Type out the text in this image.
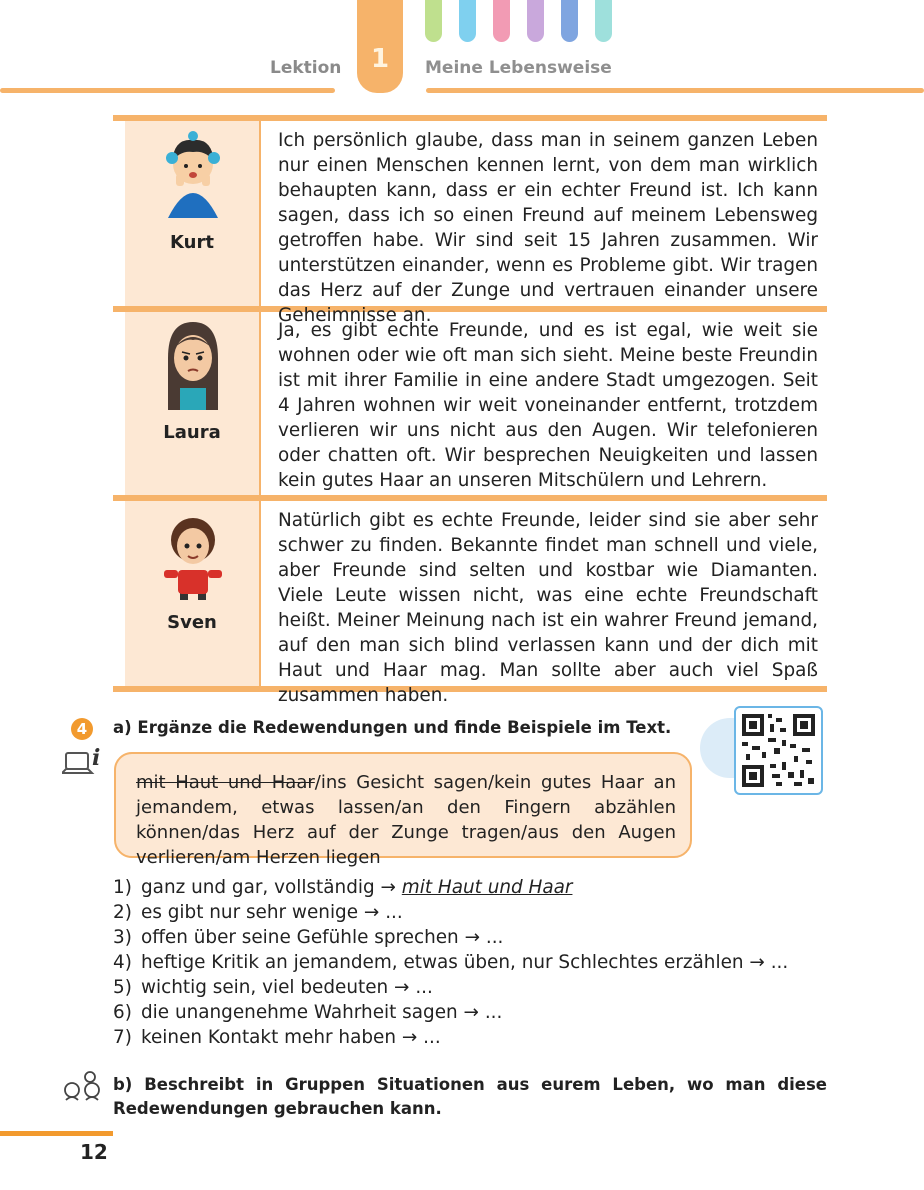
1
Lektion	Meine Lebensweise
Kurt
Laura
Sven
Ich persönlich glaube, dass man in seinem ganzen Leben nur einen Menschen kennen lernt, von dem man wirklich behaupten kann, dass er ein echter Freund ist. Ich kann sagen, dass ich so einen Freund auf meinem Lebensweg getroffen habe. Wir sind seit 15 Jahren zusammen. Wir unterstützen einander, wenn es Probleme gibt. Wir tragen das Herz auf der Zunge und vertrauen einander unsere Geheimnisse an.
Ja, es gibt echte Freunde, und es ist egal, wie weit sie wohnen oder wie oft man sich sieht. Meine beste Freundin ist mit ihrer Familie in eine andere Stadt umgezogen. Seit 4 Jahren wohnen wir weit voneinander entfernt, trotzdem verlieren wir uns nicht aus den Augen. Wir telefonieren oder chatten oft. Wir besprechen Neuigkeiten und lassen kein gutes Haar an unseren Mitschülern und Lehrern.
Natürlich gibt es echte Freunde, leider sind sie aber sehr schwer zu finden. Bekannte findet man schnell und viele, aber Freunde sind selten und kostbar wie Diamanten. Viele Leute wissen nicht, was eine echte Freundschaft heißt. Meiner Meinung nach ist ein wahrer Freund jemand, auf den man sich blind verlassen kann und der dich mit Haut und Haar mag. Man sollte aber auch viel Spaß zusammen haben.
4
i
a) Ergänze die Redewendungen und finde Beispiele im Text.
mit Haut und Haar/ins Gesicht sagen/kein gutes Haar an jemandem, etwas lassen/an den Fingern abzählen können/das Herz auf der Zunge tragen/aus den Augen verlieren/am Herzen liegen
1) ganz und gar, vollständig
→
mit Haut und Haar
2) es gibt nur sehr wenige
→
...
3) offen über seine Gefühle sprechen
→
...
4) heftige Kritik an jemandem, etwas üben, nur Schlechtes erzählen
→
...
5) wichtig sein, viel bedeuten
→
...
6) die unangenehme Wahrheit sagen
→
...
7) keinen Kontakt mehr haben
→
...
b) Beschreibt in Gruppen Situationen aus eurem Leben, wo man diese Redewendungen gebrauchen kann.
12
